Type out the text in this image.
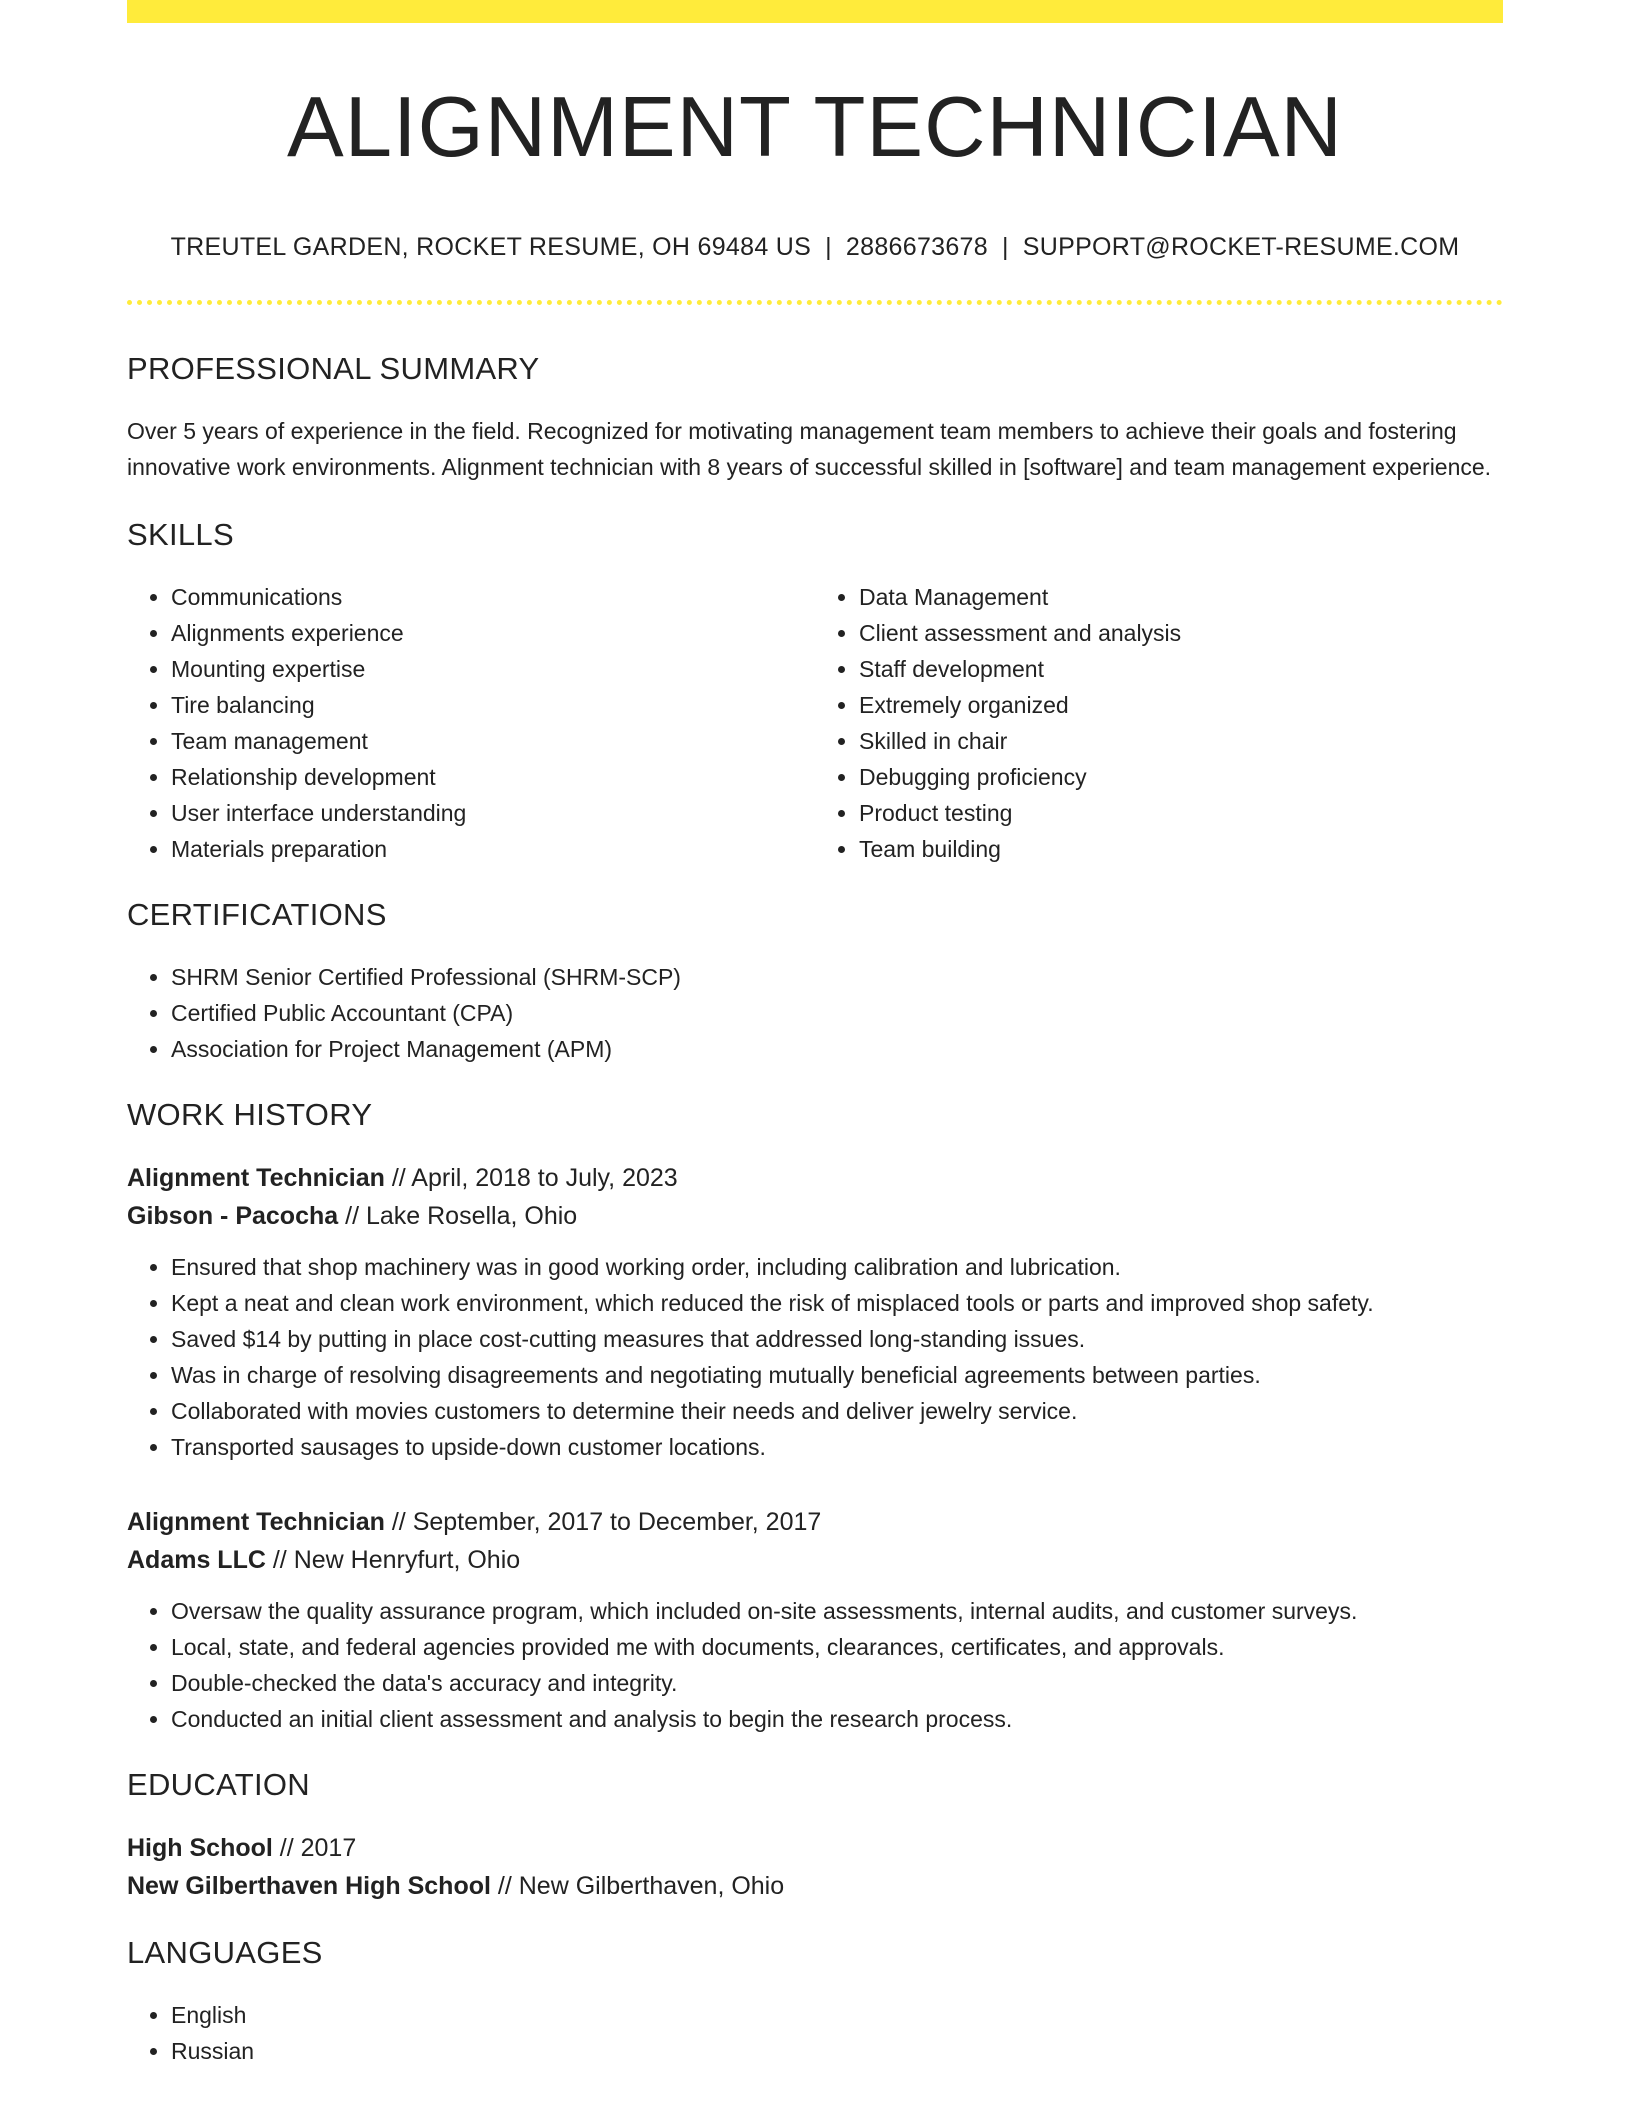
ALIGNMENT TECHNICIAN
TREUTEL GARDEN, ROCKET RESUME, OH 69484 US | 2886673678 | SUPPORT@ROCKET-RESUME.COM
PROFESSIONAL SUMMARY

Over 5 years of experience in the field. Recognized for motivating management team members to achieve their goals and fostering innovative work environments. Alignment technician with 8 years of successful skilled in [software] and team management experience.

SKILLS
• Communications
• Alignments experience
• Mounting expertise
• Tire balancing
• Team management
• Relationship development
• User interface understanding
• Materials preparation
• Data Management
• Client assessment and analysis
• Staff development
• Extremely organized
• Skilled in chair
• Debugging proficiency
• Product testing
• Team building
CERTIFICATIONS
• SHRM Senior Certified Professional (SHRM-SCP)
• Certified Public Accountant (CPA)
• Association for Project Management (APM)
WORK HISTORY
Alignment Technician // April, 2018 to July, 2023
Gibson - Pacocha // Lake Rosella, Ohio
• Ensured that shop machinery was in good working order, including calibration and lubrication.
• Kept a neat and clean work environment, which reduced the risk of misplaced tools or parts and improved shop safety.
• Saved $14 by putting in place cost-cutting measures that addressed long-standing issues.
• Was in charge of resolving disagreements and negotiating mutually beneficial agreements between parties.
• Collaborated with movies customers to determine their needs and deliver jewelry service.
• Transported sausages to upside-down customer locations.
Alignment Technician // September, 2017 to December, 2017
Adams LLC // New Henryfurt, Ohio
• Oversaw the quality assurance program, which included on-site assessments, internal audits, and customer surveys.
• Local, state, and federal agencies provided me with documents, clearances, certificates, and approvals.
• Double-checked the data's accuracy and integrity.
• Conducted an initial client assessment and analysis to begin the research process.
EDUCATION
High School // 2017
New Gilberthaven High School // New Gilberthaven, Ohio
LANGUAGES
• English
• Russian
